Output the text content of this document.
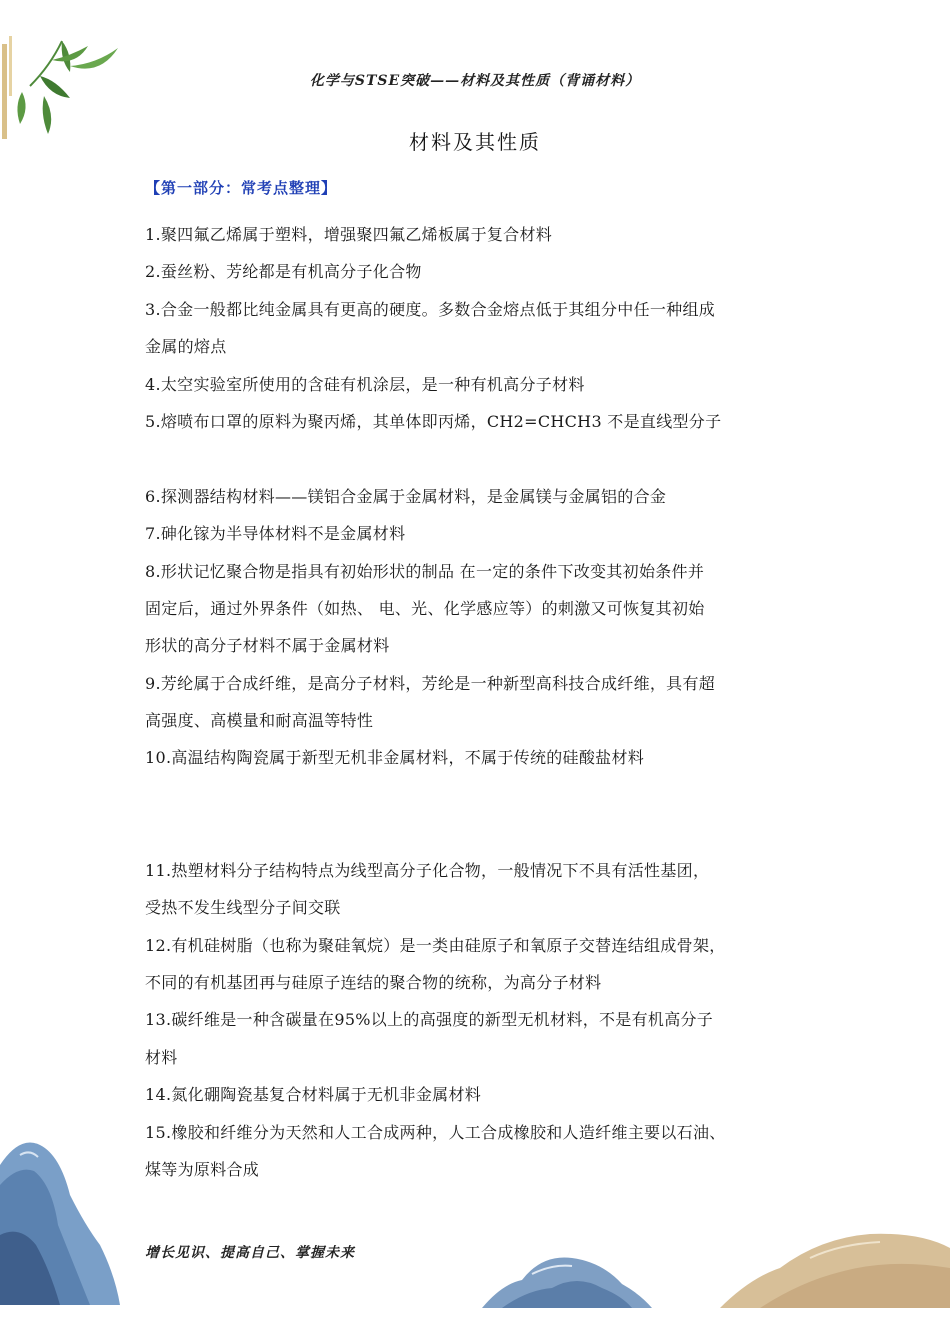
化学与STSE突破——材料及其性质（背诵材料）
材料及其性质
【第一部分：常考点整理】
1.聚四氟乙烯属于塑料，增强聚四氟乙烯板属于复合材料
2.蚕丝粉、芳纶都是有机高分子化合物
3.合金一般都比纯金属具有更高的硬度。多数合金熔点低于其组分中任一种组成
金属的熔点
4.太空实验室所使用的含硅有机涂层，是一种有机高分子材料
5.熔喷布口罩的原料为聚丙烯，其单体即丙烯，CH2=CHCH3 不是直线型分子
6.探测器结构材料——镁铝合金属于金属材料，是金属镁与金属铝的合金
7.砷化镓为半导体材料不是金属材料
8.形状记忆聚合物是指具有初始形状的制品 在一定的条件下改变其初始条件并
固定后，通过外界条件（如热、 电、光、化学感应等）的刺激又可恢复其初始
形状的高分子材料不属于金属材料
9.芳纶属于合成纤维，是高分子材料，芳纶是一种新型高科技合成纤维，具有超
高强度、高模量和耐高温等特性
10.高温结构陶瓷属于新型无机非金属材料，不属于传统的硅酸盐材料
11.热塑材料分子结构特点为线型高分子化合物，一般情况下不具有活性基团，
受热不发生线型分子间交联
12.有机硅树脂（也称为聚硅氧烷）是一类由硅原子和氧原子交替连结组成骨架，
不同的有机基团再与硅原子连结的聚合物的统称，为高分子材料
13.碳纤维是一种含碳量在95%以上的高强度的新型无机材料，不是有机高分子
材料
14.氮化硼陶瓷基复合材料属于无机非金属材料
15.橡胶和纤维分为天然和人工合成两种，人工合成橡胶和人造纤维主要以石油、
煤等为原料合成
增长见识、提高自己、掌握未来
